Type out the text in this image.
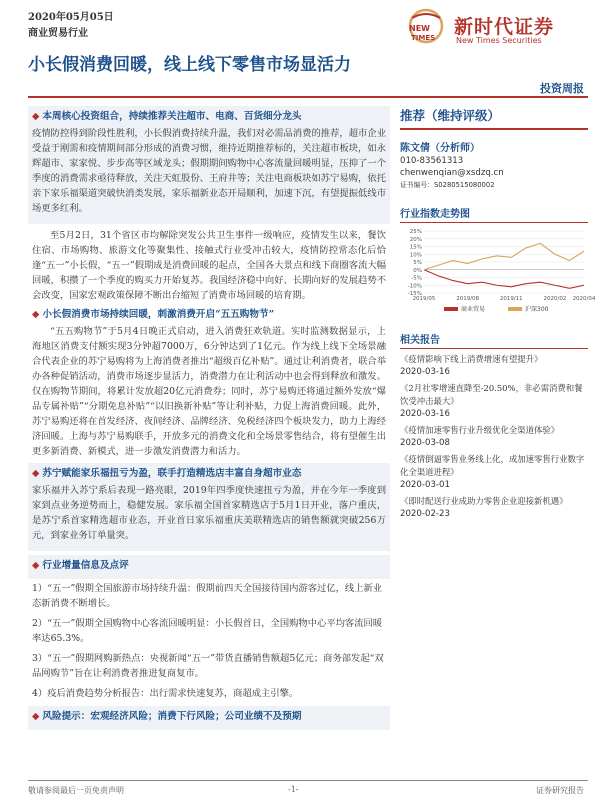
2020年05月05日
商业贸易行业	NEW
TIMES 新时代证券
New Times Securities
小长假消费回暖，线上线下零售市场显活力
投资周报
◆ 本周核心投资组合，持续推荐关注超市、电商、百货细分龙头
疫情防控得到阶段性胜利，小长假消费持续升温，我们对必需品消费的推荐，超市企业受益于刚需和疫情期间部分形成的消费习惯，维持近期推荐标的，关注超市板块，如永辉超市、家家悦、步步高等区域龙头；假期期间购物中心客流量回暖明显，压抑了一个季度的消费需求亟待释放，关注天虹股份、王府井等；关注电商板块如苏宁易购，依托亲下家乐福渠道突破快消类发展，家乐福新业态开局顺利，加速下沉，有望提振低线市场更多红利。
至5月2日，31个省区市均解除突发公共卫生事件一级响应，疫情发生以来，餐饮住宿、市场购物、旅游文化等聚集性、接触式行业受冲击较大，疫情防控常态化后恰逢“五一”小长假，“五一”假期成是消费回暖的起点，全国各大景点和线下商圈客流大幅回暖，积攒了一个季度的购买力开始复苏。我国经济稳中向好、长期向好的发展趋势不会改变，国家宏观政策保障不断出台缩短了消费市场回暖的培育期。
◆ 小长假消费市场持续回暖，刺激消费开启“五五购物节”
“五五购物节”于5月4日晚正式启动，进入消费狂欢轨道。实时监测数据显示，上海地区消费支付额实现3分钟超7000万，6分钟达到了1亿元。作为线上线下全场景融合代表企业的苏宁易购将为上海消费者推出“超级百亿补贴”。通过让利消费者，联合举办各种促销活动，消费市场逐步显活力，消费潜力在让利活动中也会得到释放和激发。仅在购物节期间，将累计发放超20亿元消费券；同时，苏宁易购还将通过额外发放“爆品专属补贴”“分期免息补贴”“以旧换新补贴”等让利补贴，力促上海消费回暖。此外，苏宁易购还将在首发经济、夜间经济、品牌经济、免税经济四个板块发力，助力上海经济回暖。上海与苏宁易购联手，开放多元的消费文化和全场景零售结合，将有望催生出更多新消费、新模式，进一步激发消费潜力和活力。
◆ 苏宁赋能家乐福扭亏为盈，联手打造精选店丰富自身超市业态
家乐福并入苏宁系后表现一路亮眼，2019年四季度快速扭亏为盈，并在今年一季度到家到点业务逆势而上，稳健发展。家乐福全国首家精选店于5月1日开业，落户重庆，是苏宁系首家精选超市业态，开业首日家乐福重庆美联精选店的销售额就突破256万元，到家业务订单量突。
◆ 行业增量信息及点评
1）“五一”假期全国旅游市场持续升温：假期前四天全国接待国内游客过亿，线上新业态新消费不断增长。
2）“五一”假期全国购物中心客流回暖明显：小长假首日，全国购物中心平均客流回暖率达65.3%。
3）“五一”假期网购新热点：央视新闻“五一”带货直播销售额超5亿元；商务部发起“双品网购节”旨在让利消费者推进复商复市。
4）疫后消费趋势分析报告：出行需求快速复苏，商超成主引擎。
◆ 风险提示：宏观经济风险；消费下行风险；公司业绩不及预期
推荐（维持评级）
陈文倩（分析师）
010-83561313
chenwenqian@xsdzq.cn
证书编号：S0280515080002
行业指数走势图
25%
20%
15%
10%
5%
0%
-5%
-10%
-15%
2019/05	2019/08	2019/11	2020/02 2020/04
商业贸易	沪深300
相关报告
《疫情影响下线上消费增速有望提升》
2020-03-16
《2月社零增速直降至-20.50%，非必需消费和餐饮受冲击最大》
2020-03-16
《疫情加速零售行业升级优化全渠道体验》
2020-03-08
《疫情倒逼零售业务线上化，成加速零售行业数字化全渠道进程》
2020-03-01
《即时配送行业成助力零售企业迎接新机遇》
2020-02-23
敬请参阅最后一页免责声明	-1-	证券研究报告
